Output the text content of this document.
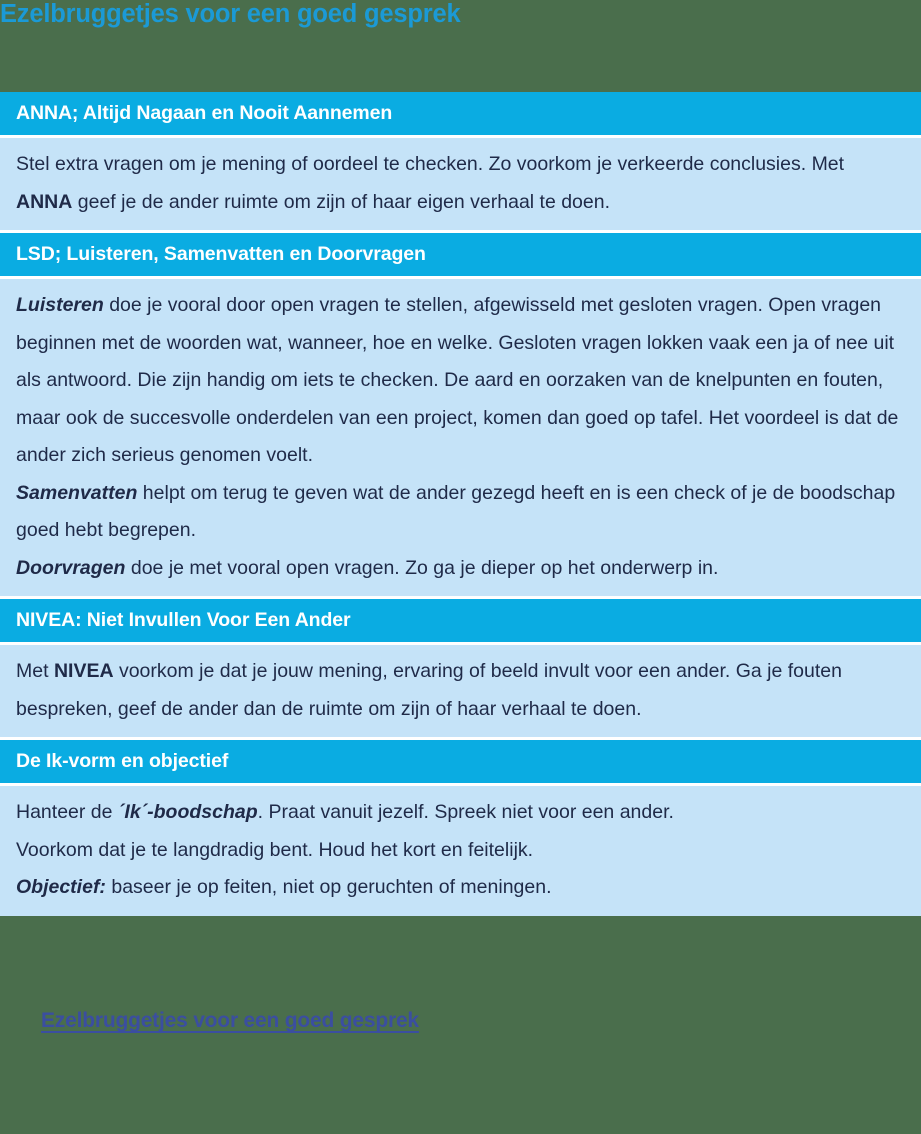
Ezelbruggetjes voor een goed gesprek
ANNA; Altijd Nagaan en Nooit Aannemen

Stel extra vragen om je mening of oordeel te checken. Zo voorkom je verkeerde conclusies. Met ANNA geef je de ander ruimte om zijn of haar eigen verhaal te doen.

LSD; Luisteren, Samenvatten en Doorvragen

Luisteren doe je vooral door open vragen te stellen, afgewisseld met gesloten vragen. Open vragen beginnen met de woorden wat, wanneer, hoe en welke. Gesloten vragen lokken vaak een ja of nee uit als antwoord. Die zijn handig om iets te checken. De aard en oorzaken van de knelpunten en fouten, maar ook de succesvolle onderdelen van een project, komen dan goed op tafel. Het voordeel is dat de ander zich serieus genomen voelt.

Samenvatten helpt om terug te geven wat de ander gezegd heeft en is een check of je de boodschap goed hebt begrepen.

Doorvragen doe je met vooral open vragen. Zo ga je dieper op het onderwerp in.

NIVEA: Niet Invullen Voor Een Ander

Met NIVEA voorkom je dat je jouw mening, ervaring of beeld invult voor een ander. Ga je fouten bespreken, geef de ander dan de ruimte om zijn of haar verhaal te doen.

De Ik-vorm en objectief

Hanteer de ´Ik´-boodschap. Praat vanuit jezelf. Spreek niet voor een ander.

Voorkom dat je te langdradig bent. Houd het kort en feitelijk.

Objectief: baseer je op feiten, niet op geruchten of meningen.

Ezelbruggetjes voor een goed gesprek
